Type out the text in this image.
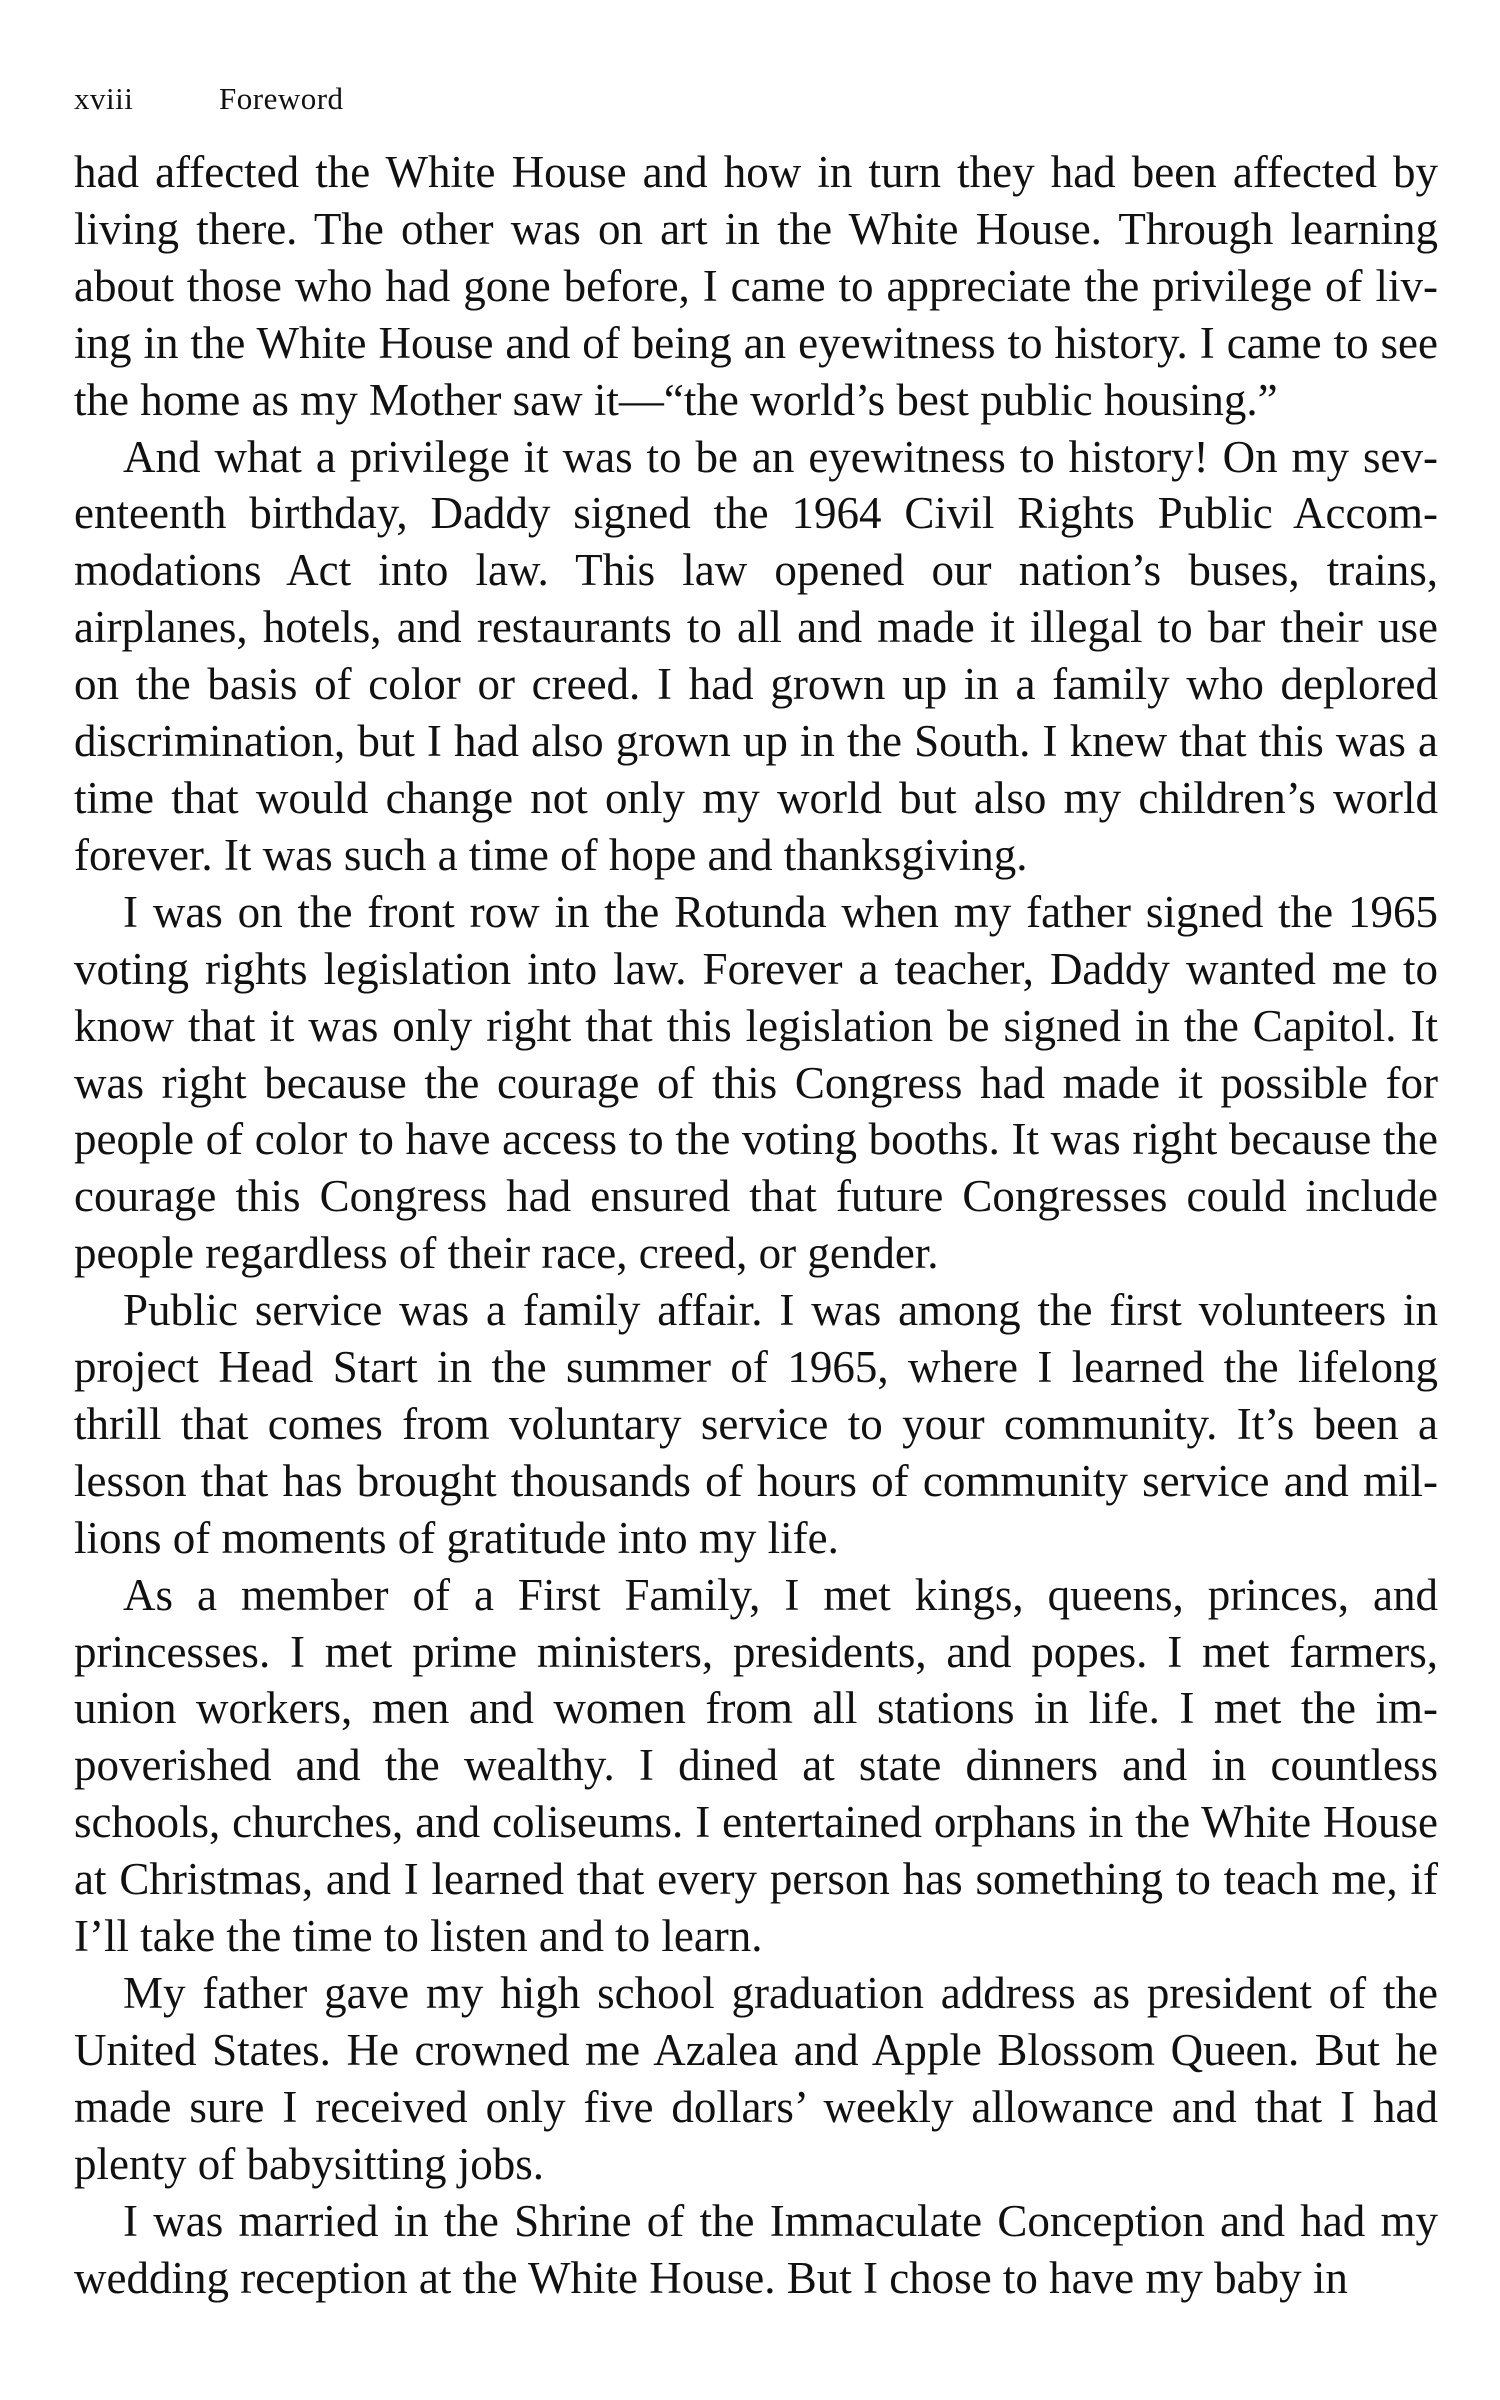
xviii	Foreword

had affected the White House and how in turn they had been affected by living there. The other was on art in the White House. Through learning about those who had gone before, I came to appreciate the privilege of living in the White House and of being an eyewitness to history. I came to see the home as my Mother saw it—“the world’s best public housing.”

And what a privilege it was to be an eyewitness to history! On my seventeenth birthday, Daddy signed the 1964 Civil Rights Public Accommodations Act into law. This law opened our nation’s buses, trains, airplanes, hotels, and restaurants to all and made it illegal to bar their use on the basis of color or creed. I had grown up in a family who deplored discrimination, but I had also grown up in the South. I knew that this was a time that would change not only my world but also my children’s world forever. It was such a time of hope and thanksgiving.

I was on the front row in the Rotunda when my father signed the 1965 voting rights legislation into law. Forever a teacher, Daddy wanted me to know that it was only right that this legislation be signed in the Capitol. It was right because the courage of this Congress had made it possible for people of color to have access to the voting booths. It was right because the courage this Congress had ensured that future Congresses could include people regardless of their race, creed, or gender.

Public service was a family affair. I was among the first volunteers in project Head Start in the summer of 1965, where I learned the lifelong thrill that comes from voluntary service to your community. It’s been a lesson that has brought thousands of hours of community service and millions of moments of gratitude into my life.

As a member of a First Family, I met kings, queens, princes, and princesses. I met prime ministers, presidents, and popes. I met farmers, union workers, men and women from all stations in life. I met the impoverished and the wealthy. I dined at state dinners and in countless schools, churches, and coliseums. I entertained orphans in the White House at Christmas, and I learned that every person has something to teach me, if I’ll take the time to listen and to learn.

My father gave my high school graduation address as president of the United States. He crowned me Azalea and Apple Blossom Queen. But he made sure I received only five dollars’ weekly allowance and that I had plenty of babysitting jobs.

I was married in the Shrine of the Immaculate Conception and had my wedding reception at the White House. But I chose to have my baby in
